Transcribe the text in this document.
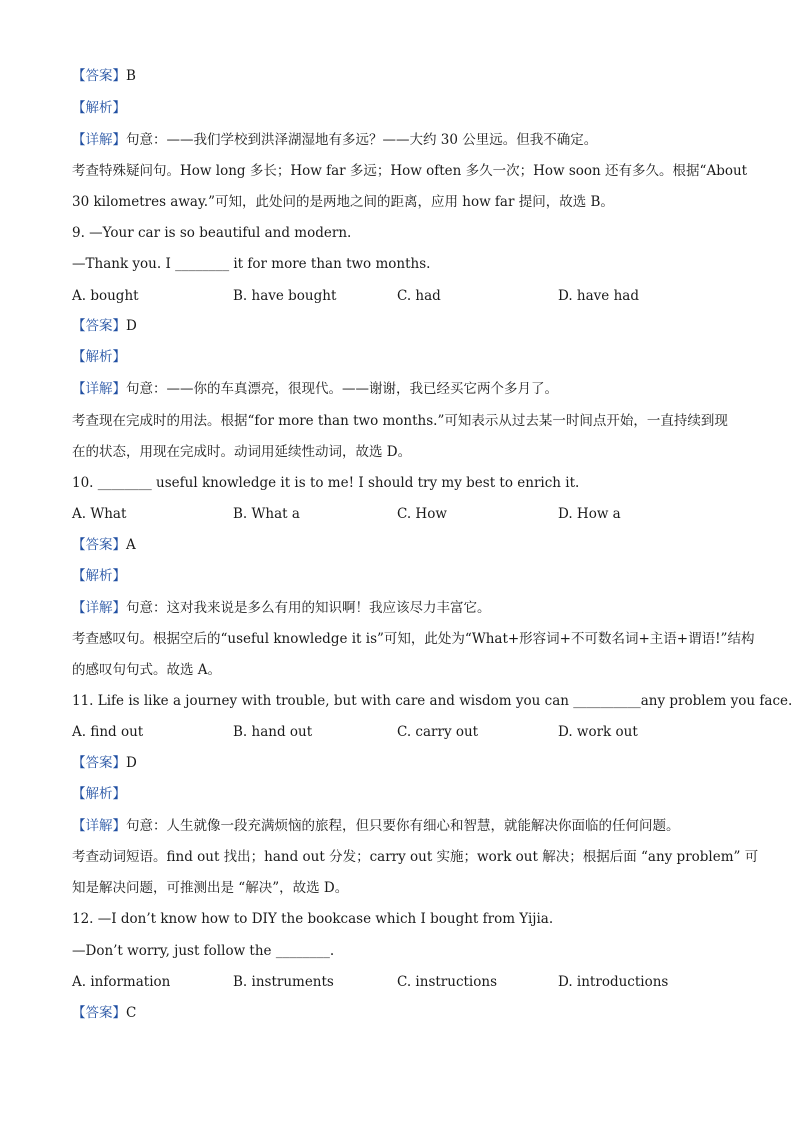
【答案】B
【解析】
【详解】句意：——我们学校到洪泽湖湿地有多远？——大约 30 公里远。但我不确定。
考查特殊疑问句。How long 多长；How far 多远；How often 多久一次；How soon 还有多久。根据“About
30 kilometres away.”可知，此处问的是两地之间的距离，应用 how far 提问，故选 B。
9. —Your car is so beautiful and modern.
—Thank you. I ________ it for more than two months.
A. bought	B. have bought	C. had	D. have had
【答案】D
【解析】
【详解】句意：——你的车真漂亮，很现代。——谢谢，我已经买它两个多月了。
考查现在完成时的用法。根据“for more than two months.”可知表示从过去某一时间点开始，一直持续到现
在的状态，用现在完成时。动词用延续性动词，故选 D。
10. ________ useful knowledge it is to me! I should try my best to enrich it.
A. What	B. What a	C. How	D. How a
【答案】A
【解析】
【详解】句意：这对我来说是多么有用的知识啊！我应该尽力丰富它。
考查感叹句。根据空后的“useful knowledge it is”可知，此处为“What+形容词+不可数名词+主语+谓语!”结构
的感叹句句式。故选 A。
11. Life is like a journey with trouble, but with care and wisdom you can __________any problem you face.
A. find out	B. hand out	C. carry out	D. work out
【答案】D
【解析】
【详解】句意：人生就像一段充满烦恼的旅程，但只要你有细心和智慧，就能解决你面临的任何问题。
考查动词短语。find out 找出；hand out 分发；carry out 实施；work out 解决；根据后面 “any problem” 可
知是解决问题，可推测出是 “解决”，故选 D。
12. —I don’t know how to DIY the bookcase which I bought from Yijia.
—Don’t worry, just follow the ________.
A. information	B. instruments	C. instructions	D. introductions
【答案】C
